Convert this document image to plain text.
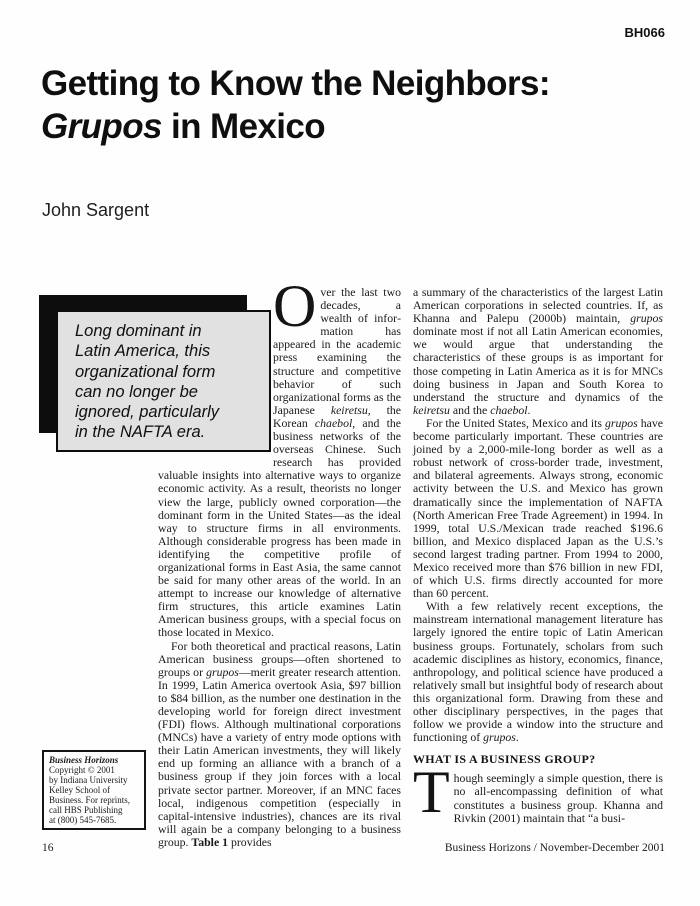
BH066
Getting to Know the Neighbors:
Grupos in Mexico
John Sargent

Long dominant in Latin America, this organizational form can no longer be ignored, particularly in the NAFTA era.

Over the last two decades, a wealth of information has appeared in the academic press examining the structure and competitive behavior of such organizational forms as the Japanese keiretsu, the Korean chaebol, and the business networks of the overseas Chinese. Such research has provided valuable insights into alternative ways to organize economic activity. As a result, theorists no longer view the large, publicly owned corporation—the dominant form in the United States—as the ideal way to structure firms in all environments. Although considerable progress has been made in identifying the competitive profile of organizational forms in East Asia, the same cannot be said for many other areas of the world. In an attempt to increase our knowledge of alternative firm structures, this article examines Latin American business groups, with a special focus on those located in Mexico.

For both theoretical and practical reasons, Latin American business groups—often shortened to groups or grupos—merit greater research attention. In 1999, Latin America overtook Asia, $97 billion to $84 billion, as the number one destination in the developing world for foreign direct investment (FDI) flows. Although multinational corporations (MNCs) have a variety of entry mode options with their Latin American investments, they will likely end up forming an alliance with a branch of a business group if they join forces with a local private sector partner. Moreover, if an MNC faces local, indigenous competition (especially in capital-intensive industries), chances are its rival will again be a company belonging to a business group. Table 1 provides

a summary of the characteristics of the largest Latin American corporations in selected countries. If, as Khanna and Palepu (2000b) maintain, grupos dominate most if not all Latin American economies, we would argue that understanding the characteristics of these groups is as important for those competing in Latin America as it is for MNCs doing business in Japan and South Korea to understand the structure and dynamics of the keiretsu and the chaebol.

For the United States, Mexico and its grupos have become particularly important. These countries are joined by a 2,000-mile-long border as well as a robust network of cross-border trade, investment, and bilateral agreements. Always strong, economic activity between the U.S. and Mexico has grown dramatically since the implementation of NAFTA (North American Free Trade Agreement) in 1994. In 1999, total U.S./Mexican trade reached $196.6 billion, and Mexico displaced Japan as the U.S.’s second largest trading partner. From 1994 to 2000, Mexico received more than $76 billion in new FDI, of which U.S. firms directly accounted for more than 60 percent.

With a few relatively recent exceptions, the mainstream international management literature has largely ignored the entire topic of Latin American business groups. Fortunately, scholars from such academic disciplines as history, economics, finance, anthropology, and political science have produced a relatively small but insightful body of research about this organizational form. Drawing from these and other disciplinary perspectives, in the pages that follow we provide a window into the structure and functioning of grupos.

WHAT IS A BUSINESS GROUP?

Though seemingly a simple question, there is no all-encompassing definition of what constitutes a business group. Khanna and Rivkin (2001) maintain that “a busi-

Business Horizons
Copyright © 2001
by Indiana University
Kelley School of
Business. For reprints,
call HBS Publishing
at (800) 545-7685.
16	Business Horizons / November-December 2001
